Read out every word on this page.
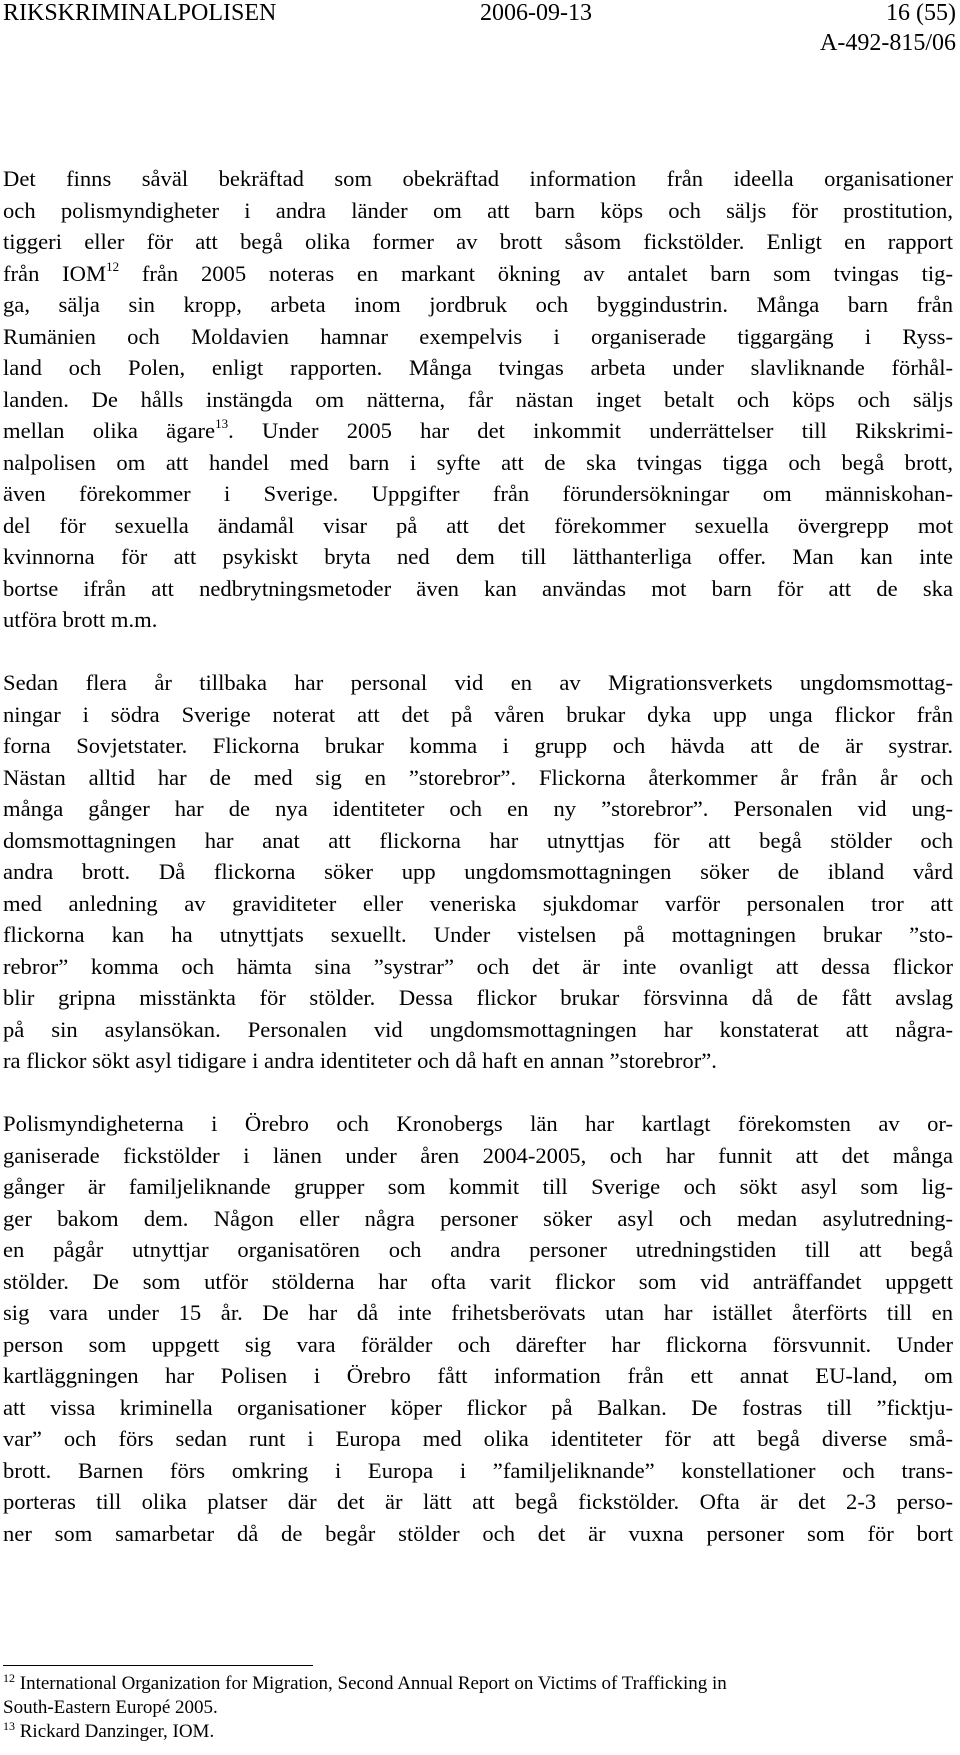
RIKSKRIMINALPOLISEN	2006-09-13	16 (55)
A-492-815/06

Det finns såväl bekräftad som obekräftad information från ideella organisationer
och polismyndigheter i andra länder om att barn köps och säljs för prostitution,
tiggeri eller för att begå olika former av brott såsom fickstölder. Enligt en rapport
från IOM$^{12}$ från 2005 noteras en markant ökning av antalet barn som tvingas tig-
ga, sälja sin kropp, arbeta inom jordbruk och byggindustrin. Många barn från
Rumänien och Moldavien hamnar exempelvis i organiserade tiggargäng i Ryss-
land och Polen, enligt rapporten. Många tvingas arbeta under slavliknande förhål-
landen. De hålls instängda om nätterna, får nästan inget betalt och köps och säljs
mellan olika ägare$^{13}$. Under 2005 har det inkommit underrättelser till Rikskrimi-
nalpolisen om att handel med barn i syfte att de ska tvingas tigga och begå brott,
även förekommer i Sverige. Uppgifter från förundersökningar om människohan-
del för sexuella ändamål visar på att det förekommer sexuella övergrepp mot
kvinnorna för att psykiskt bryta ned dem till lätthanterliga offer. Man kan inte
bortse ifrån att nedbrytningsmetoder även kan användas mot barn för att de ska
utföra brott m.m.

Sedan flera år tillbaka har personal vid en av Migrationsverkets ungdomsmottag-
ningar i södra Sverige noterat att det på våren brukar dyka upp unga flickor från
forna Sovjetstater. Flickorna brukar komma i grupp och hävda att de är systrar.
Nästan alltid har de med sig en ”storebror”. Flickorna återkommer år från år och
många gånger har de nya identiteter och en ny ”storebror”. Personalen vid ung-
domsmottagningen har anat att flickorna har utnyttjas för att begå stölder och
andra brott. Då flickorna söker upp ungdomsmottagningen söker de ibland vård
med anledning av graviditeter eller veneriska sjukdomar varför personalen tror att
flickorna kan ha utnyttjats sexuellt. Under vistelsen på mottagningen brukar ”sto-
rebror” komma och hämta sina ”systrar” och det är inte ovanligt att dessa flickor
blir gripna misstänkta för stölder. Dessa flickor brukar försvinna då de fått avslag
på sin asylansökan. Personalen vid ungdomsmottagningen har konstaterat att några-
ra flickor sökt asyl tidigare i andra identiteter och då haft en annan ”storebror”.

Polismyndigheterna i Örebro och Kronobergs län har kartlagt förekomsten av or-
ganiserade fickstölder i länen under åren 2004-2005, och har funnit att det många
gånger är familjeliknande grupper som kommit till Sverige och sökt asyl som lig-
ger bakom dem. Någon eller några personer söker asyl och medan asylutredning-
en pågår utnyttjar organisatören och andra personer utredningstiden till att begå
stölder. De som utför stölderna har ofta varit flickor som vid anträffandet uppgett
sig vara under 15 år. De har då inte frihetsberövats utan har istället återförts till en
person som uppgett sig vara förälder och därefter har flickorna försvunnit. Under
kartläggningen har Polisen i Örebro fått information från ett annat EU-land, om
att vissa kriminella organisationer köper flickor på Balkan. De fostras till ”ficktju-
var” och förs sedan runt i Europa med olika identiteter för att begå diverse små-
brott. Barnen förs omkring i Europa i ”familjeliknande” konstellationer och trans-
porteras till olika platser där det är lätt att begå fickstölder. Ofta är det 2-3 perso-
ner som samarbetar då de begår stölder och det är vuxna personer som för bort

$^{12}$ International Organization for Migration, Second Annual Report on Victims of Trafficking in
South-Eastern Europé 2005.
$^{13}$ Rickard Danzinger, IOM.
